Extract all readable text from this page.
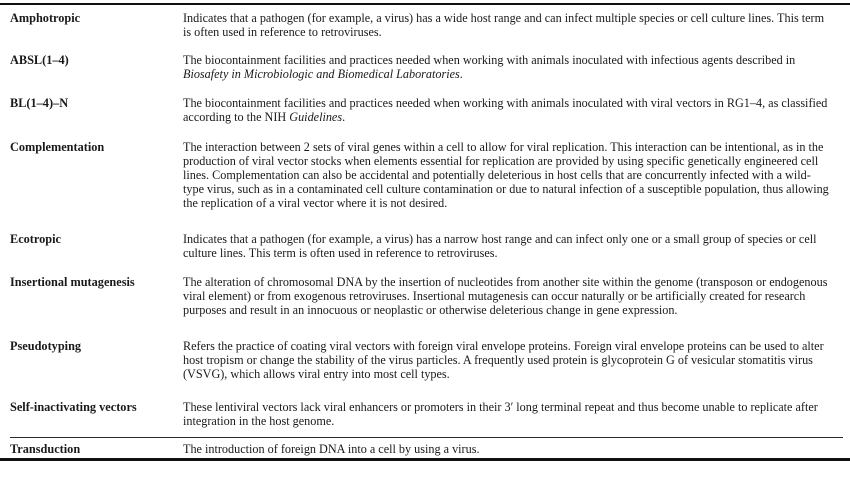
Amphotropic	Indicates that a pathogen (for example, a virus) has a wide host range and can infect multiple species or cell culture lines. This term is often used in reference to retroviruses.
ABSL(1–4)	The biocontainment facilities and practices needed when working with animals inoculated with infectious agents described in Biosafety in Microbiologic and Biomedical Laboratories.
BL(1–4)–N	The biocontainment facilities and practices needed when working with animals inoculated with viral vectors in RG1–4, as classified according to the NIH Guidelines.
Complementation	The interaction between 2 sets of viral genes within a cell to allow for viral replication. This interaction can be intentional, as in the production of viral vector stocks when elements essential for replication are provided by using specific genetically engineered cell lines. Complementation can also be accidental and potentially deleterious in host cells that are concurrently infected with a wild-type virus, such as in a contaminated cell culture contamination or due to natural infection of a susceptible population, thus allowing the replication of a viral vector where it is not desired.
Ecotropic	Indicates that a pathogen (for example, a virus) has a narrow host range and can infect only one or a small group of species or cell culture lines. This term is often used in reference to retroviruses.
Insertional mutagenesis	The alteration of chromosomal DNA by the insertion of nucleotides from another site within the genome (transposon or endogenous viral element) or from exogenous retroviruses. Insertional mutagenesis can occur naturally or be artificially created for research purposes and result in an innocuous or neoplastic or otherwise deleterious change in gene expression.
Pseudotyping	Refers the practice of coating viral vectors with foreign viral envelope proteins. Foreign viral envelope proteins can be used to alter host tropism or change the stability of the virus particles. A frequently used protein is glycoprotein G of vesicular stomatitis virus (VSVG), which allows viral entry into most cell types.
Self-inactivating vectors	These lentiviral vectors lack viral enhancers or promoters in their 3′ long terminal repeat and thus become unable to replicate after integration in the host genome.
Transduction	The introduction of foreign DNA into a cell by using a virus.
